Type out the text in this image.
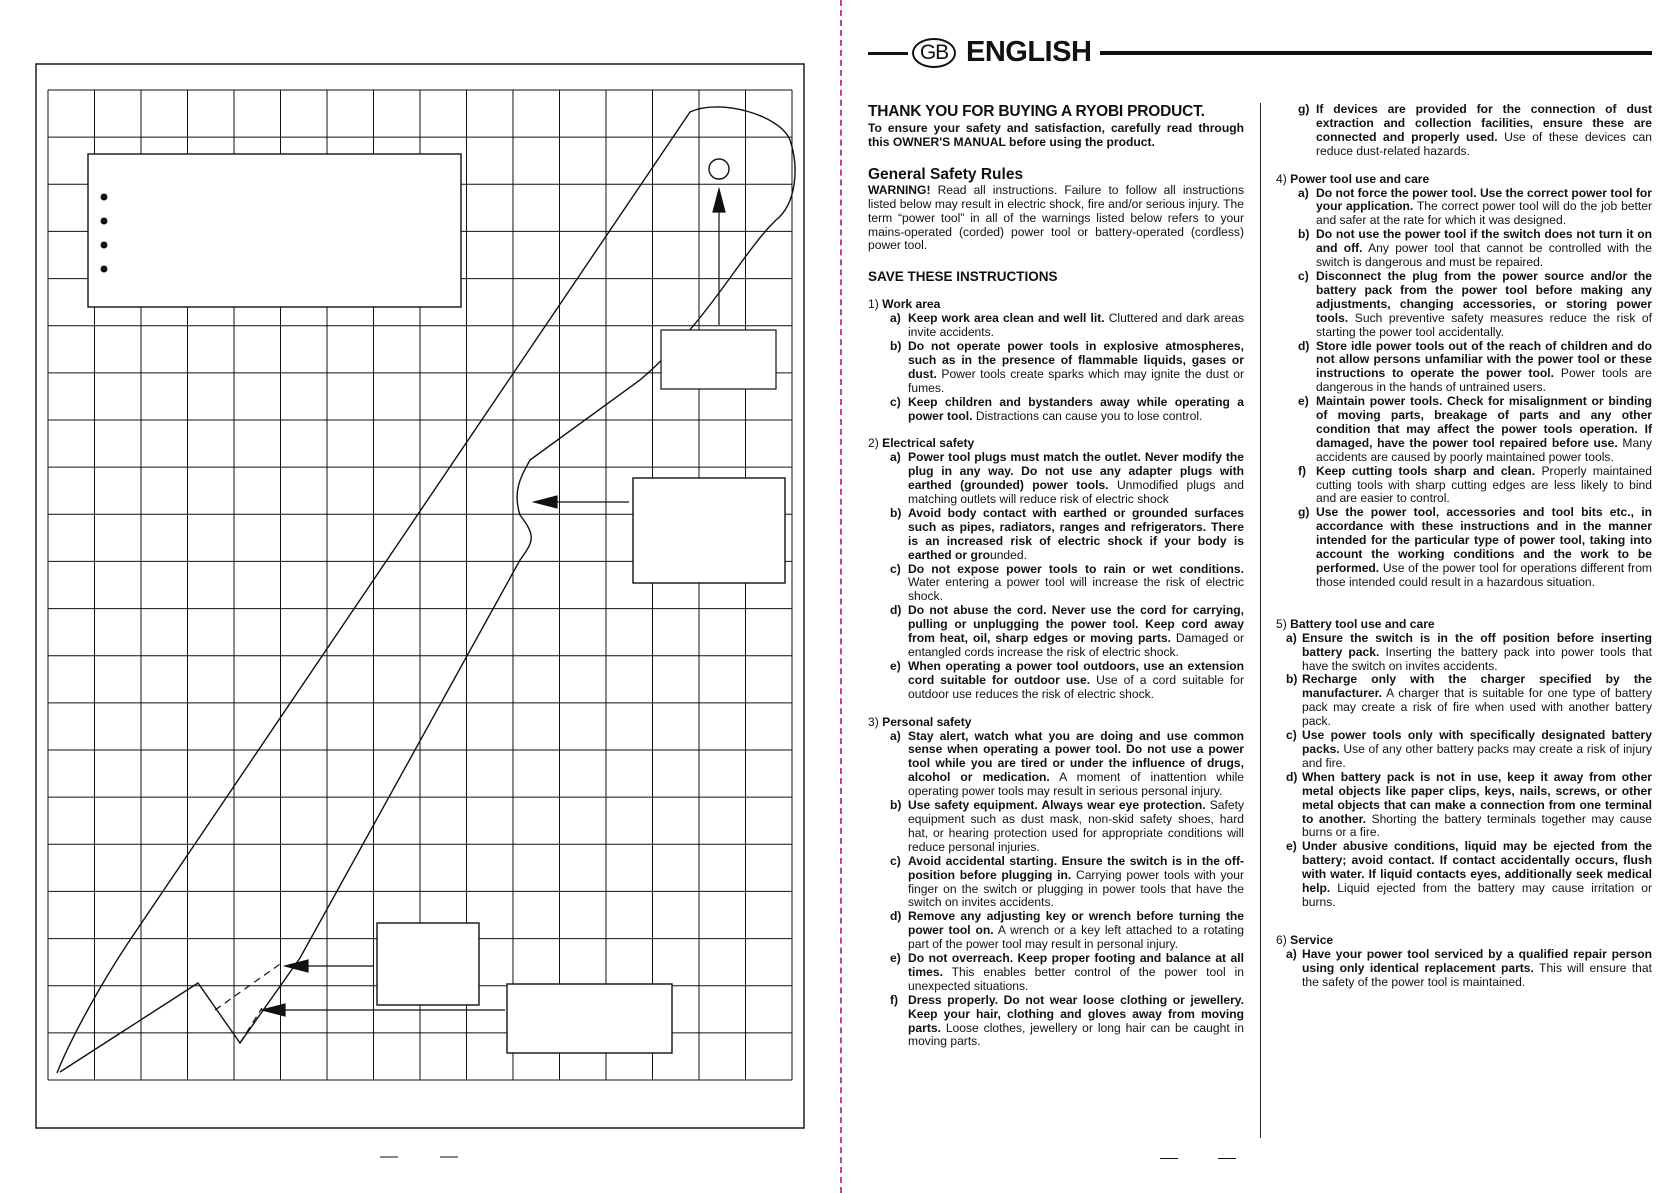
GB ENGLISH
THANK YOU FOR BUYING A RYOBI PRODUCT.
To ensure your safety and satisfaction, carefully read through this OWNER'S MANUAL before using the product.
General Safety Rules
WARNING! Read all instructions. Failure to follow all instructions listed below may result in electric shock, fire and/or serious injury. The term “power tool” in all of the warnings listed below refers to your mains-operated (corded) power tool or battery-operated (cordless) power tool.
SAVE THESE INSTRUCTIONS
1) Work area
a) Keep work area clean and well lit. Cluttered and dark areas invite accidents.
b) Do not operate power tools in explosive atmospheres, such as in the presence of flammable liquids, gases or dust. Power tools create sparks which may ignite the dust or fumes.
c) Keep children and bystanders away while operating a power tool. Distractions can cause you to lose control.
2) Electrical safety
a) Power tool plugs must match the outlet. Never modify the plug in any way. Do not use any adapter plugs with earthed (grounded) power tools. Unmodified plugs and matching outlets will reduce risk of electric shock
b) Avoid body contact with earthed or grounded surfaces such as pipes, radiators, ranges and refrigerators. There is an increased risk of electric shock if your body is earthed or grounded.
c) Do not expose power tools to rain or wet conditions. Water entering a power tool will increase the risk of electric shock.
d) Do not abuse the cord. Never use the cord for carrying, pulling or unplugging the power tool. Keep cord away from heat, oil, sharp edges or moving parts. Damaged or entangled cords increase the risk of electric shock.
e) When operating a power tool outdoors, use an extension cord suitable for outdoor use. Use of a cord suitable for outdoor use reduces the risk of electric shock.
3) Personal safety
a) Stay alert, watch what you are doing and use common sense when operating a power tool. Do not use a power tool while you are tired or under the influence of drugs, alcohol or medication. A moment of inattention while operating power tools may result in serious personal injury.
b) Use safety equipment. Always wear eye protection. Safety equipment such as dust mask, non-skid safety shoes, hard hat, or hearing protection used for appropriate conditions will reduce personal injuries.
c) Avoid accidental starting. Ensure the switch is in the off-position before plugging in. Carrying power tools with your finger on the switch or plugging in power tools that have the switch on invites accidents.
d) Remove any adjusting key or wrench before turning the power tool on. A wrench or a key left attached to a rotating part of the power tool may result in personal injury.
e) Do not overreach. Keep proper footing and balance at all times. This enables better control of the power tool in unexpected situations.
f) Dress properly. Do not wear loose clothing or jewellery. Keep your hair, clothing and gloves away from moving parts. Loose clothes, jewellery or long hair can be caught in moving parts.
g) If devices are provided for the connection of dust extraction and collection facilities, ensure these are connected and properly used. Use of these devices can reduce dust-related hazards.
4) Power tool use and care
a) Do not force the power tool. Use the correct power tool for your application. The correct power tool will do the job better and safer at the rate for which it was designed.
b) Do not use the power tool if the switch does not turn it on and off. Any power tool that cannot be controlled with the switch is dangerous and must be repaired.
c) Disconnect the plug from the power source and/or the battery pack from the power tool before making any adjustments, changing accessories, or storing power tools. Such preventive safety measures reduce the risk of starting the power tool accidentally.
d) Store idle power tools out of the reach of children and do not allow persons unfamiliar with the power tool or these instructions to operate the power tool. Power tools are dangerous in the hands of untrained users.
e) Maintain power tools. Check for misalignment or binding of moving parts, breakage of parts and any other condition that may affect the power tools operation. If damaged, have the power tool repaired before use. Many accidents are caused by poorly maintained power tools.
f) Keep cutting tools sharp and clean. Properly maintained cutting tools with sharp cutting edges are less likely to bind and are easier to control.
g) Use the power tool, accessories and tool bits etc., in accordance with these instructions and in the manner intended for the particular type of power tool, taking into account the working conditions and the work to be performed. Use of the power tool for operations different from those intended could result in a hazardous situation.
5) Battery tool use and care
a) Ensure the switch is in the off position before inserting battery pack. Inserting the battery pack into power tools that have the switch on invites accidents.
b) Recharge only with the charger specified by the manufacturer. A charger that is suitable for one type of battery pack may create a risk of fire when used with another battery pack.
c) Use power tools only with specifically designated battery packs. Use of any other battery packs may create a risk of injury and fire.
d) When battery pack is not in use, keep it away from other metal objects like paper clips, keys, nails, screws, or other metal objects that can make a connection from one terminal to another. Shorting the battery terminals together may cause burns or a fire.
e) Under abusive conditions, liquid may be ejected from the battery; avoid contact. If contact accidentally occurs, flush with water. If liquid contacts eyes, additionally seek medical help. Liquid ejected from the battery may cause irritation or burns.
6) Service
a) Have your power tool serviced by a qualified repair person using only identical replacement parts. This will ensure that the safety of the power tool is maintained.
